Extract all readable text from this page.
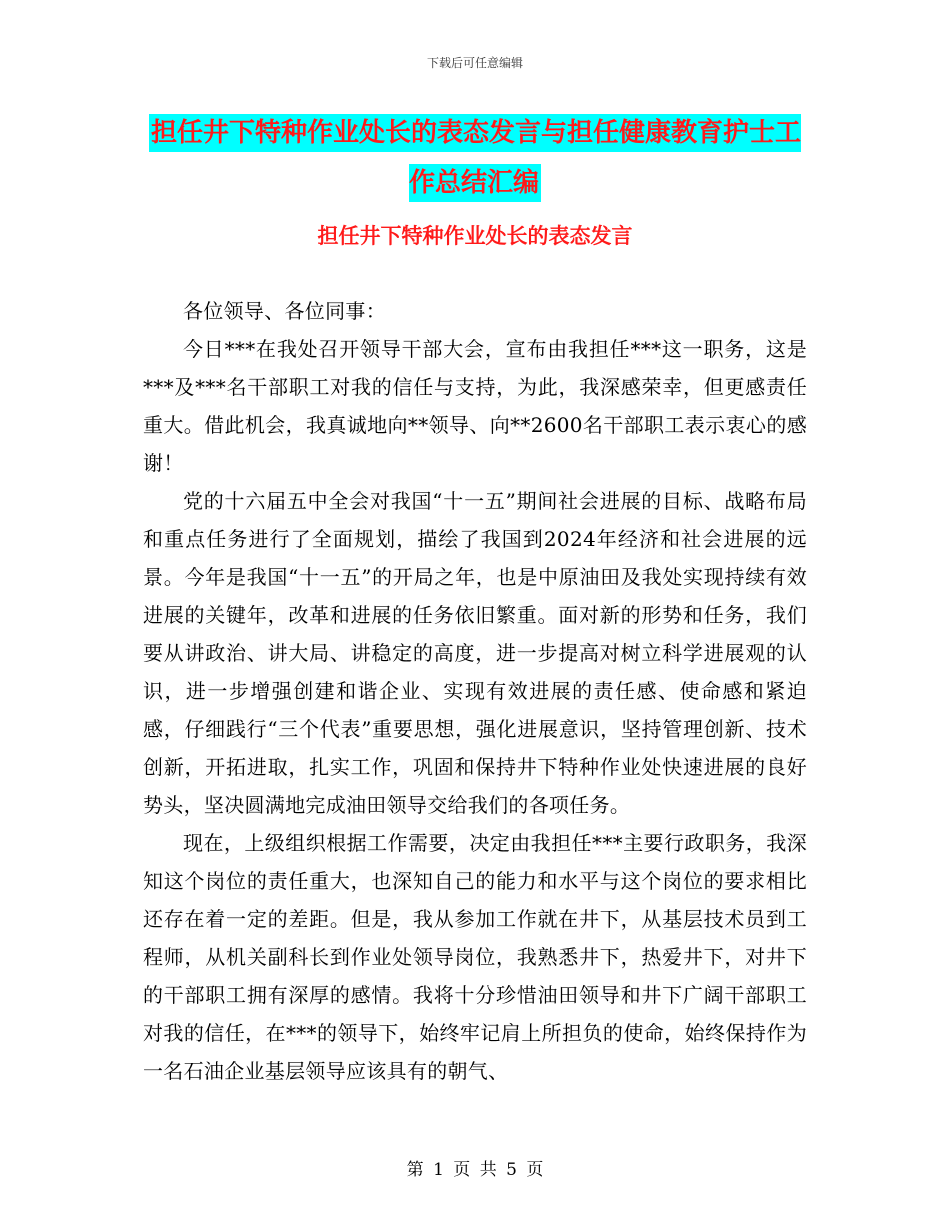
下载后可任意编辑
担任井下特种作业处长的表态发言与担任健康教育护士工作总结汇编
担任井下特种作业处长的表态发言

各位领导、各位同事：

今日***在我处召开领导干部大会，宣布由我担任***这一职务，这是***及***名干部职工对我的信任与支持，为此，我深感荣幸，但更感责任重大。借此机会，我真诚地向**领导、向**2600名干部职工表示衷心的感谢！

党的十六届五中全会对我国“十一五”期间社会进展的目标、战略布局和重点任务进行了全面规划，描绘了我国到2024年经济和社会进展的远景。今年是我国“十一五”的开局之年，也是中原油田及我处实现持续有效进展的关键年，改革和进展的任务依旧繁重。面对新的形势和任务，我们要从讲政治、讲大局、讲稳定的高度，进一步提高对树立科学进展观的认识，进一步增强创建和谐企业、实现有效进展的责任感、使命感和紧迫感，仔细践行“三个代表”重要思想，强化进展意识，坚持管理创新、技术创新，开拓进取，扎实工作，巩固和保持井下特种作业处快速进展的良好势头，坚决圆满地完成油田领导交给我们的各项任务。

现在，上级组织根据工作需要，决定由我担任***主要行政职务，我深知这个岗位的责任重大，也深知自己的能力和水平与这个岗位的要求相比还存在着一定的差距。但是，我从参加工作就在井下，从基层技术员到工程师，从机关副科长到作业处领导岗位，我熟悉井下，热爱井下，对井下的干部职工拥有深厚的感情。我将十分珍惜油田领导和井下广阔干部职工对我的信任，在***的领导下，始终牢记肩上所担负的使命，始终保持作为一名石油企业基层领导应该具有的朝气、

第 1 页 共 5 页
